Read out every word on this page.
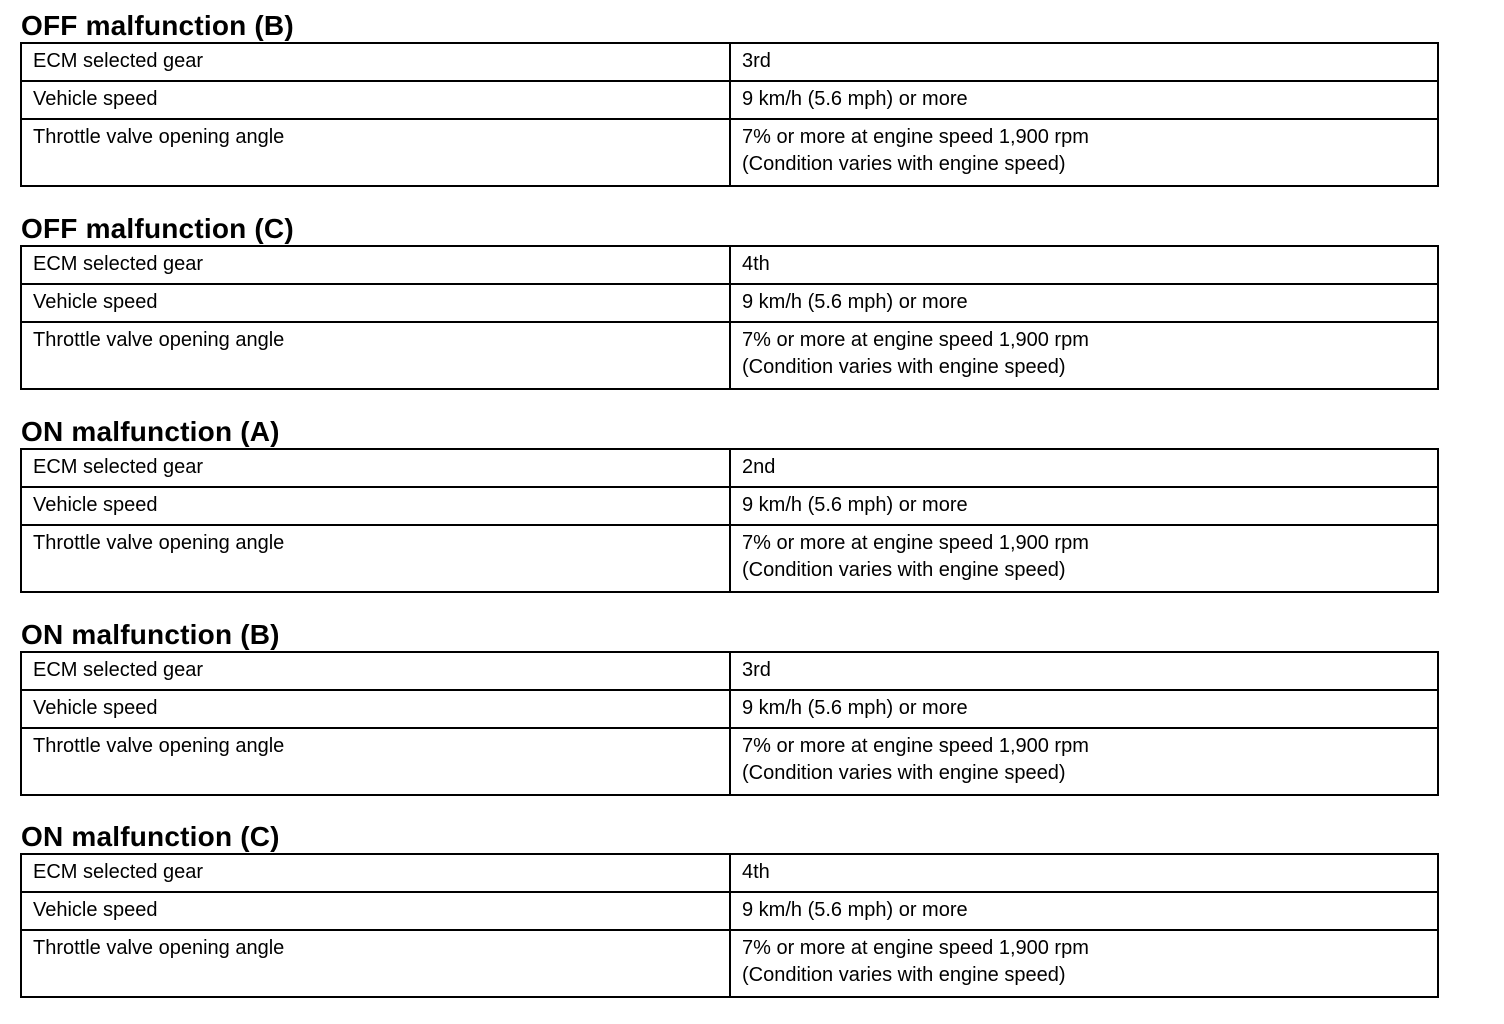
OFF malfunction (B)
ECM selected gear	3rd
Vehicle speed	9 km/h (5.6 mph) or more
Throttle valve opening angle	7% or more at engine speed 1,900 rpm
(Condition varies with engine speed)
OFF malfunction (C)
ECM selected gear	4th
Vehicle speed	9 km/h (5.6 mph) or more
Throttle valve opening angle	7% or more at engine speed 1,900 rpm
(Condition varies with engine speed)
ON malfunction (A)
ECM selected gear	2nd
Vehicle speed	9 km/h (5.6 mph) or more
Throttle valve opening angle	7% or more at engine speed 1,900 rpm
(Condition varies with engine speed)
ON malfunction (B)
ECM selected gear	3rd
Vehicle speed	9 km/h (5.6 mph) or more
Throttle valve opening angle	7% or more at engine speed 1,900 rpm
(Condition varies with engine speed)
ON malfunction (C)
ECM selected gear	4th
Vehicle speed	9 km/h (5.6 mph) or more
Throttle valve opening angle	7% or more at engine speed 1,900 rpm
(Condition varies with engine speed)
